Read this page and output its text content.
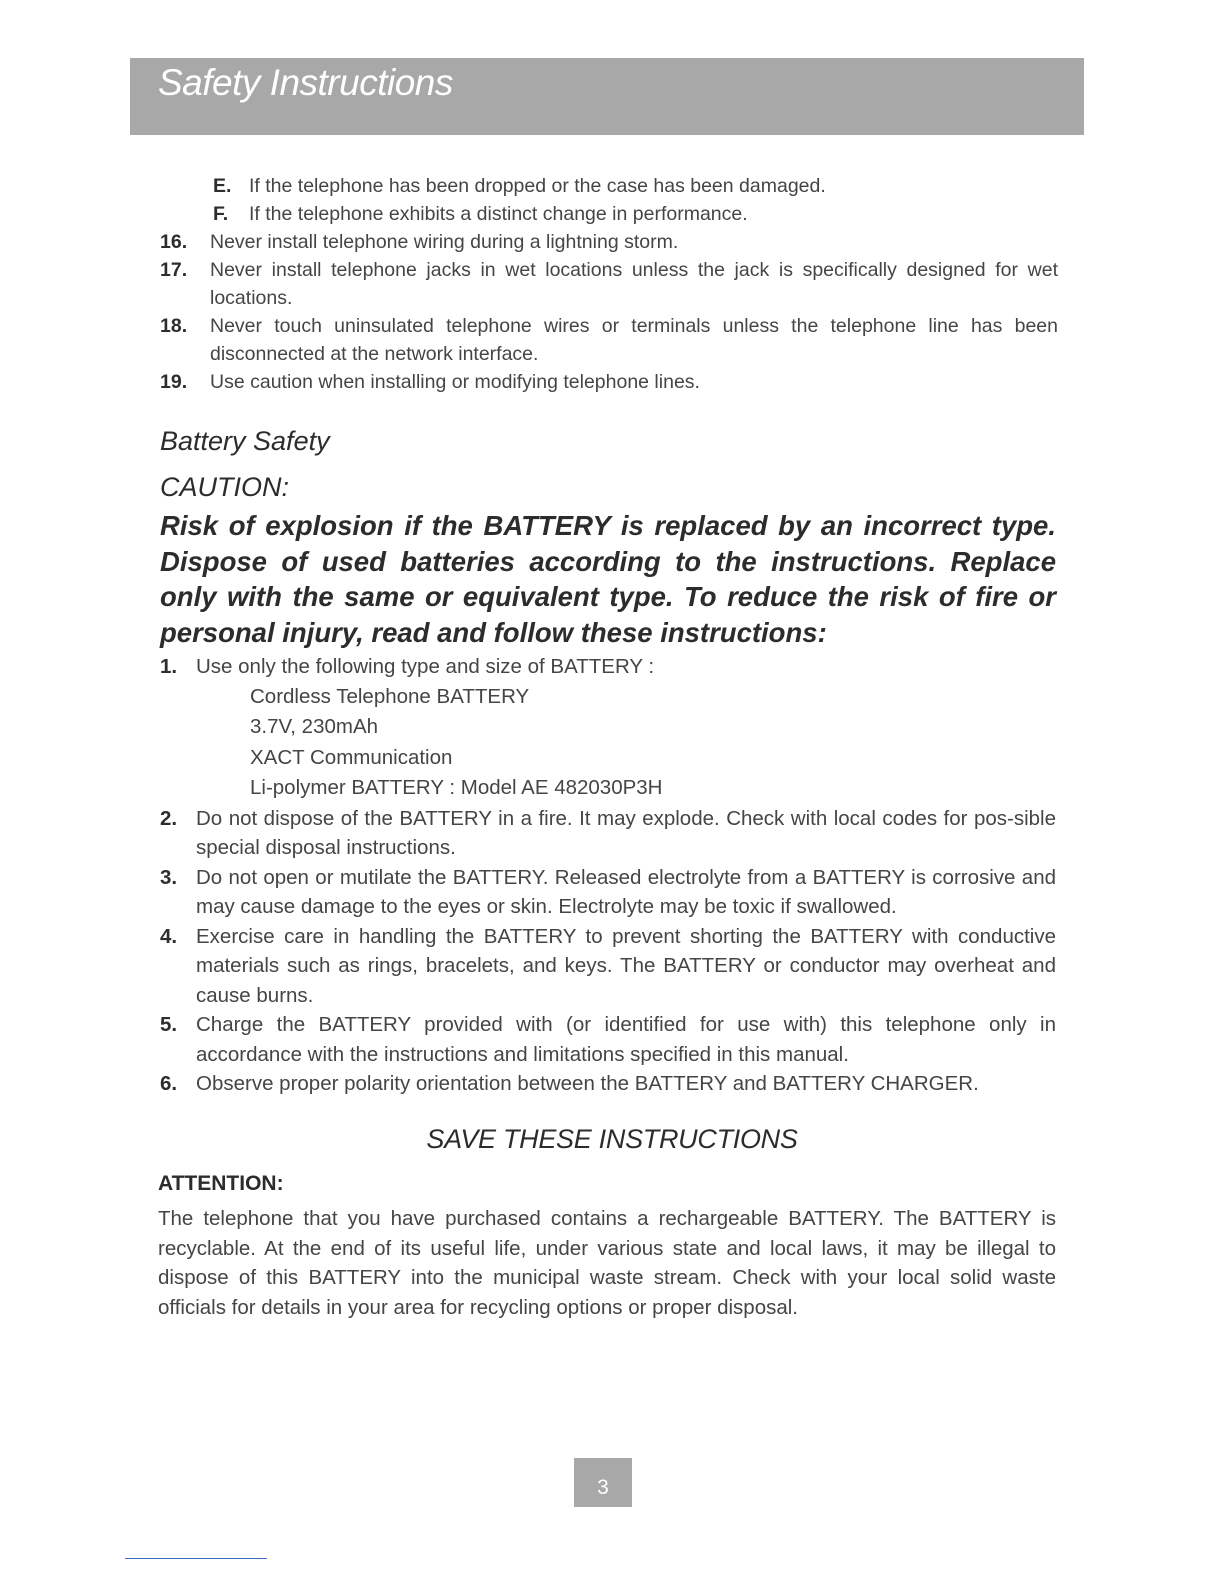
Safety Instructions
E. If the telephone has been dropped or the case has been damaged.
F.	If the telephone exhibits a distinct change in performance.
16.	Never install telephone wiring during a lightning storm.
17.	Never install telephone jacks in wet locations unless the jack is specifically designed for wet locations.
18.	Never touch uninsulated telephone wires or terminals unless the telephone line has been disconnected at the network interface.
19.	Use caution when installing or modifying telephone lines.
Battery Safety
CAUTION:
Risk of explosion if the BATTERY is replaced by an incorrect type. Dispose of used batteries according to the instructions. Replace only with the same or equivalent type. To reduce the risk of fire or personal injury, read and follow these instructions:
1. Use only the following type and size of BATTERY :
Cordless Telephone BATTERY
3.7V, 230mAh
XACT Communication
Li-polymer BATTERY : Model AE 482030P3H
2. Do not dispose of the BATTERY in a fire. It may explode. Check with local codes for pos-sible special disposal instructions.
3. Do not open or mutilate the BATTERY. Released electrolyte from a BATTERY is corrosive and may cause damage to the eyes or skin. Electrolyte may be toxic if swallowed.
4. Exercise care in handling the BATTERY to prevent shorting the BATTERY with conductive materials such as rings, bracelets, and keys. The BATTERY or conductor may overheat and cause burns.
5. Charge the BATTERY provided with (or identified for use with) this telephone only in accordance with the instructions and limitations specified in this manual.
6. Observe proper polarity orientation between the BATTERY and BATTERY CHARGER.
SAVE THESE INSTRUCTIONS
ATTENTION:
The telephone that you have purchased contains a rechargeable BATTERY. The BATTERY is recyclable. At the end of its useful life, under various state and local laws, it may be illegal to dispose of this BATTERY into the municipal waste stream. Check with your local solid waste officials for details in your area for recycling options or proper disposal.
3
